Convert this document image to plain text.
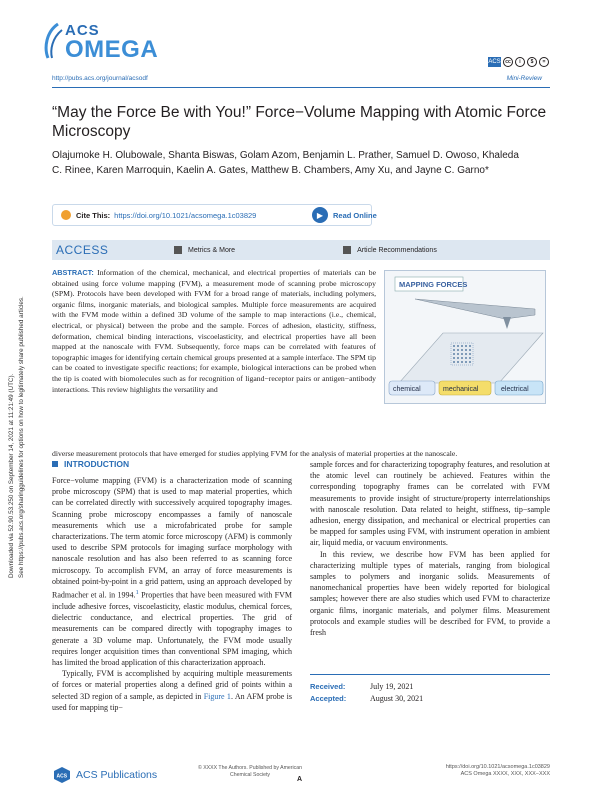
Downloaded via 52.90.53.250 on September 14, 2021 at 11:21:49 (UTC). See https://pubs.acs.org/sharingguidelines for options on how to legitimately share published articles.
ACS
OMEGA	ACS cc	i	$	=
http://pubs.acs.org/journal/acsodf	Mini-Review
“May the Force Be with You!” Force−Volume Mapping with Atomic Force Microscopy
Olajumoke H. Olubowale, Shanta Biswas, Golam Azom, Benjamin L. Prather, Samuel D. Owoso, Khaleda C. Rinee, Karen Marroquin, Kaelin A. Gates, Matthew B. Chambers, Amy Xu, and Jayne C. Garno*
Cite This: https://doi.org/10.1021/acsomega.1c03829	▶	Read Online
ACCESS	Metrics & More	Article Recommendations
ABSTRACT: Information of the chemical, mechanical, and electrical properties of materials can be obtained using force volume mapping (FVM), a measurement mode of scanning probe microscopy (SPM). Protocols have been developed with FVM for a broad range of materials, including polymers, organic films, inorganic materials, and biological samples. Multiple force measurements are acquired with the FVM mode within a defined 3D volume of the sample to map interactions (i.e., chemical, electrical, or physical) between the probe and the sample. Forces of adhesion, elasticity, stiffness, deformation, chemical binding interactions, viscoelasticity, and electrical properties have all been mapped at the nanoscale with FVM. Subsequently, force maps can be correlated with features of topographic images for identifying certain chemical groups presented at a sample interface. The SPM tip can be coated to investigate specific reactions; for example, biological interactions can be probed when the tip is coated with biomolecules such as for recognition of ligand−receptor pairs or antigen−antibody interactions. This review highlights the versatility and
diverse measurement protocols that have emerged for studies applying FVM for the analysis of material properties at the nanoscale.
MAPPING FORCES
chemical	mechanical	electrical
INTRODUCTION

Force−volume mapping (FVM) is a characterization mode of scanning probe microscopy (SPM) that is used to map material properties, which can be correlated directly with successively acquired topography images. Scanning probe microscopy encompasses a family of nanoscale measurements which use a microfabricated probe for sample characterizations. The term atomic force microscopy (AFM) is commonly used to describe SPM protocols for imaging surface morphology with nanoscale resolution and has also been referred to as scanning force microscopy. To accomplish FVM, an array of force measurements is obtained point-by-point in a grid pattern, using an approach developed by Radmacher et al. in 1994.$^1$ Properties that have been measured with FVM include adhesive forces, viscoelasticity, elastic modulus, chemical forces, dielectric conductance, and electrical properties. The grid of measurements can be compared directly with topography images to generate a 3D volume map. Unfortunately, the FVM mode usually requires longer acquisition times than conventional SPM imaging, which has limited the broad application of this characterization approach.

Typically, FVM is accomplished by acquiring multiple measurements of forces or material properties along a defined grid of points within a selected 3D region of a sample, as depicted in Figure 1. An AFM probe is used for mapping tip−

sample forces and for characterizing topography features, and resolution at the atomic level can routinely be achieved. Features within the corresponding topography frames can be correlated with FVM measurements to provide insight of structure/property interrelationships with nanoscale resolution. Data related to height, stiffness, tip−sample adhesion, energy dissipation, and mechanical or electrical properties can be mapped for samples using FVM, with instrument operation in ambient air, liquid media, or vacuum environments.

In this review, we describe how FVM has been applied for characterizing multiple types of materials, ranging from biological samples to polymers and inorganic solids. Measurements of nanomechanical properties have been widely reported for biological samples; however there are also studies which used FVM to characterize organic films, inorganic materials, and polymer films. Measurement protocols and example studies will be described for FVM, to provide a fresh

Received:	July 19, 2021
Accepted:	August 30, 2021
ACS ACS Publications
© XXXX The Authors. Published by American Chemical Society
A
https://doi.org/10.1021/acsomega.1c03829
ACS Omega XXXX, XXX, XXX−XXX
